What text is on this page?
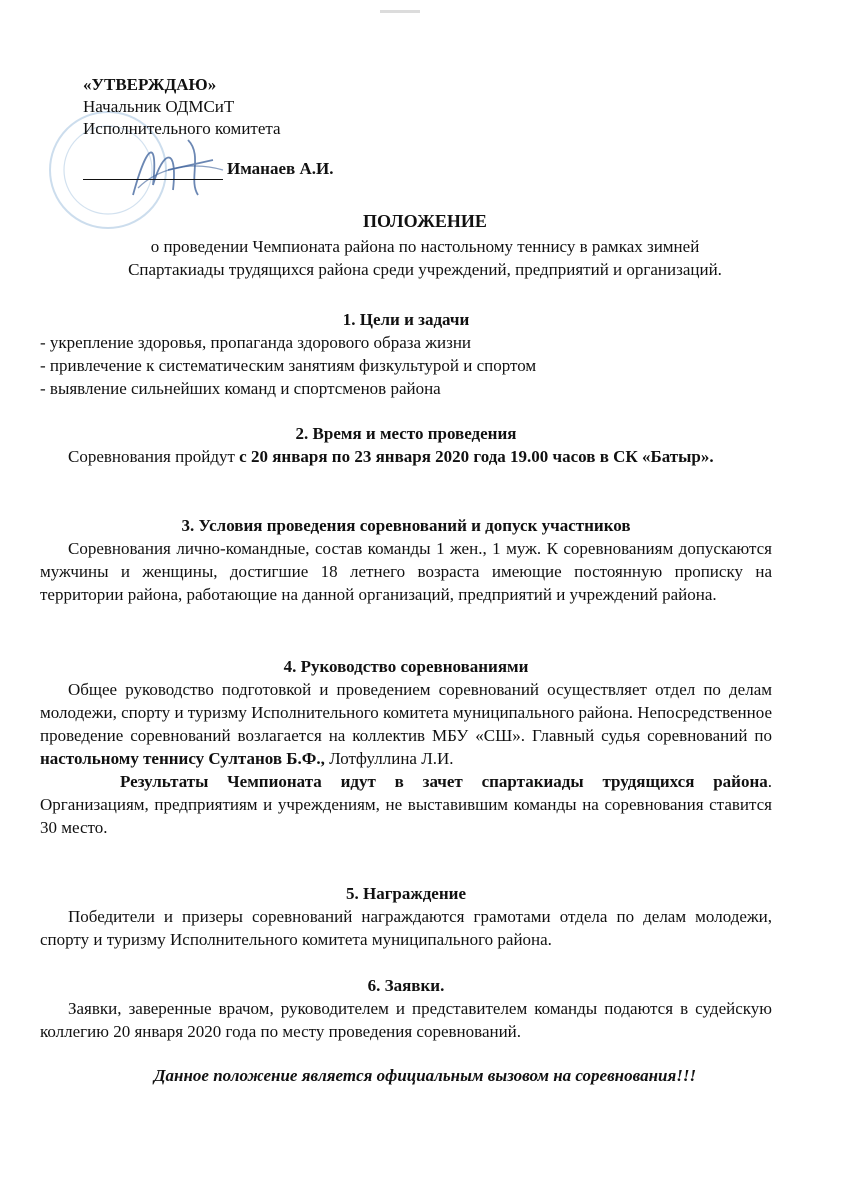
«УТВЕРЖДАЮ»
Начальник ОДМСиТ
Исполнительного комитета
Иманаев А.И.
ПОЛОЖЕНИЕ
о проведении Чемпионата района по настольному теннису в рамках зимней
Спартакиады трудящихся района среди учреждений, предприятий и организаций.
1. Цели и задачи
- укрепление здоровья, пропаганда здорового образа жизни
- привлечение к систематическим занятиям физкультурой и спортом
- выявление сильнейших команд и спортсменов района
2. Время и место проведения
Соревнования пройдут с 20 января по 23 января 2020 года 19.00 часов в СК «Батыр».
3. Условия проведения соревнований и допуск участников
Соревнования лично-командные, состав команды 1 жен., 1 муж. К соревнованиям допускаются мужчины и женщины, достигшие 18 летнего возраста имеющие постоянную прописку на территории района, работающие на данной организаций, предприятий и учреждений района.
4. Руководство соревнованиями
Общее руководство подготовкой и проведением соревнований осуществляет отдел по делам молодежи, спорту и туризму Исполнительного комитета муниципального района. Непосредственное проведение соревнований возлагается на коллектив МБУ «СШ». Главный судья соревнований по настольному теннису Султанов Б.Ф., Лотфуллина Л.И.
Результаты Чемпионата идут в зачет спартакиады трудящихся района. Организациям, предприятиям и учреждениям, не выставившим команды на соревнования ставится 30 место.
5. Награждение
Победители и призеры соревнований награждаются грамотами отдела по делам молодежи, спорту и туризму Исполнительного комитета муниципального района.
6. Заявки.
Заявки, заверенные врачом, руководителем и представителем команды подаются в судейскую коллегию 20 января 2020 года по месту проведения соревнований.
Данное положение является официальным вызовом на соревнования!!!
